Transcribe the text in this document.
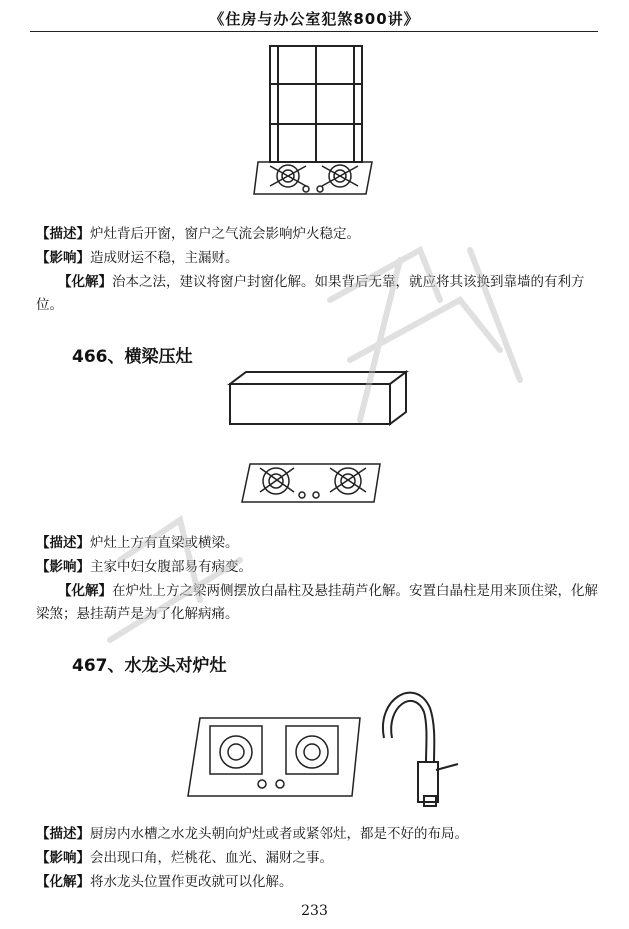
《住房与办公室犯煞800讲》
【描述】炉灶背后开窗，窗户之气流会影响炉火稳定。
【影响】造成财运不稳，主漏财。
【化解】治本之法，建议将窗户封窗化解。如果背后无靠，就应将其该换到靠墙的有利方位。
466、横梁压灶
【描述】炉灶上方有直梁或横梁。
【影响】主家中妇女腹部易有病变。
【化解】在炉灶上方之梁两侧摆放白晶柱及悬挂葫芦化解。安置白晶柱是用来顶住梁，化解梁煞；悬挂葫芦是为了化解病痛。
467、水龙头对炉灶
【描述】厨房内水槽之水龙头朝向炉灶或者或紧邻灶，都是不好的布局。
【影响】会出现口角，烂桃花、血光、漏财之事。
【化解】将水龙头位置作更改就可以化解。
233
